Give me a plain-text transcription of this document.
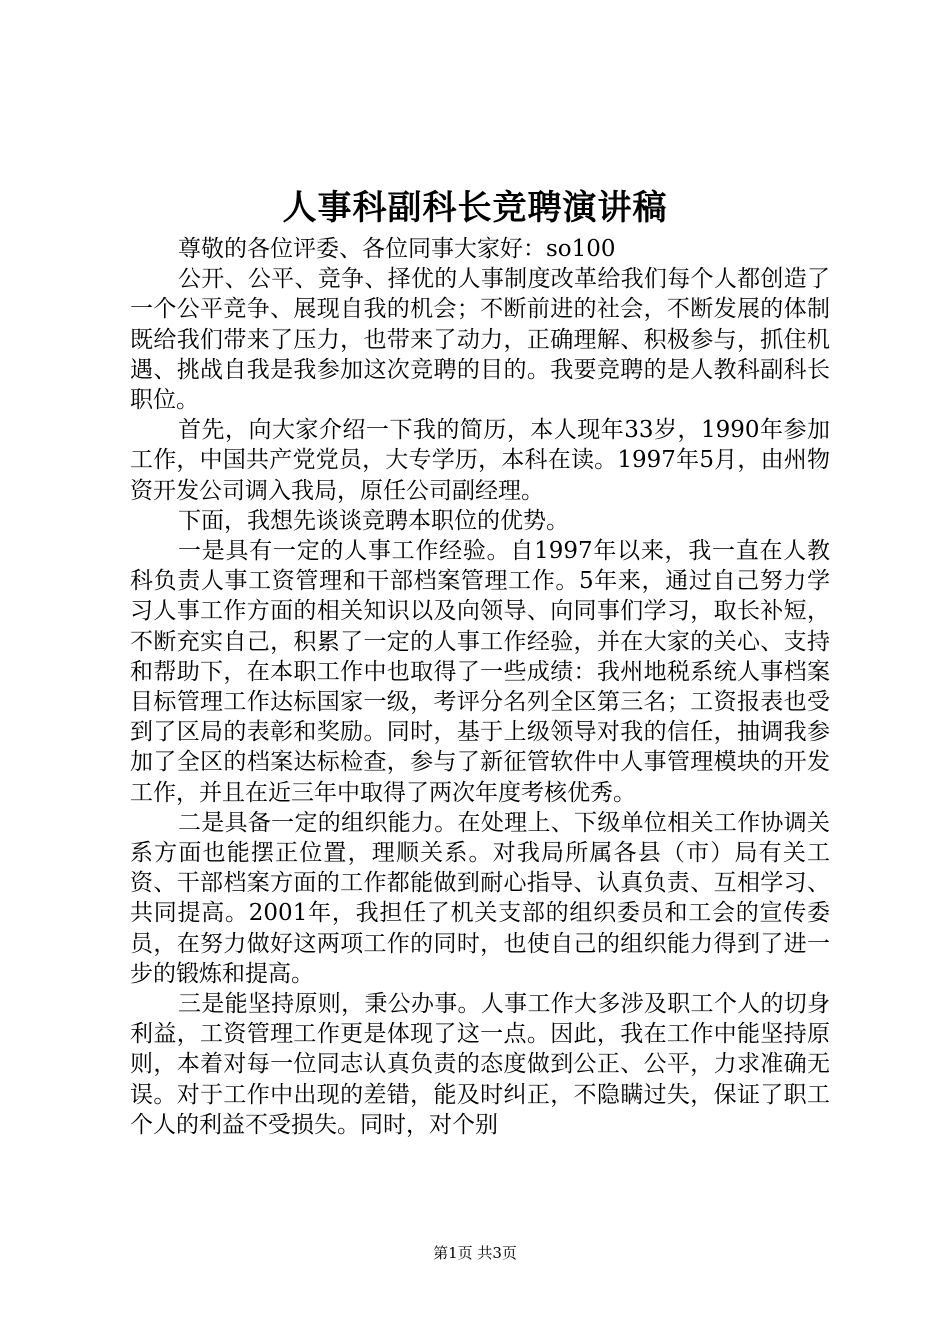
人事科副科长竞聘演讲稿

尊敬的各位评委、各位同事大家好：so100

公开、公平、竞争、择优的人事制度改革给我们每个人都创造了一个公平竞争、展现自我的机会；不断前进的社会，不断发展的体制既给我们带来了压力，也带来了动力，正确理解、积极参与，抓住机遇、挑战自我是我参加这次竞聘的目的。我要竞聘的是人教科副科长职位。

首先，向大家介绍一下我的简历，本人现年33岁，1990年参加工作，中国共产党党员，大专学历，本科在读。1997年5月，由州物资开发公司调入我局，原任公司副经理。

下面，我想先谈谈竞聘本职位的优势。

一是具有一定的人事工作经验。自1997年以来，我一直在人教科负责人事工资管理和干部档案管理工作。5年来，通过自己努力学习人事工作方面的相关知识以及向领导、向同事们学习，取长补短，不断充实自己，积累了一定的人事工作经验，并在大家的关心、支持和帮助下，在本职工作中也取得了一些成绩：我州地税系统人事档案目标管理工作达标国家一级，考评分名列全区第三名；工资报表也受到了区局的表彰和奖励。同时，基于上级领导对我的信任，抽调我参加了全区的档案达标检查，参与了新征管软件中人事管理模块的开发工作，并且在近三年中取得了两次年度考核优秀。

二是具备一定的组织能力。在处理上、下级单位相关工作协调关系方面也能摆正位置，理顺关系。对我局所属各县（市）局有关工资、干部档案方面的工作都能做到耐心指导、认真负责、互相学习、共同提高。2001年，我担任了机关支部的组织委员和工会的宣传委员，在努力做好这两项工作的同时，也使自己的组织能力得到了进一步的锻炼和提高。

三是能坚持原则，秉公办事。人事工作大多涉及职工个人的切身利益，工资管理工作更是体现了这一点。因此，我在工作中能坚持原则，本着对每一位同志认真负责的态度做到公正、公平，力求准确无误。对于工作中出现的差错，能及时纠正，不隐瞒过失，保证了职工个人的利益不受损失。同时，对个别

第1页 共3页
